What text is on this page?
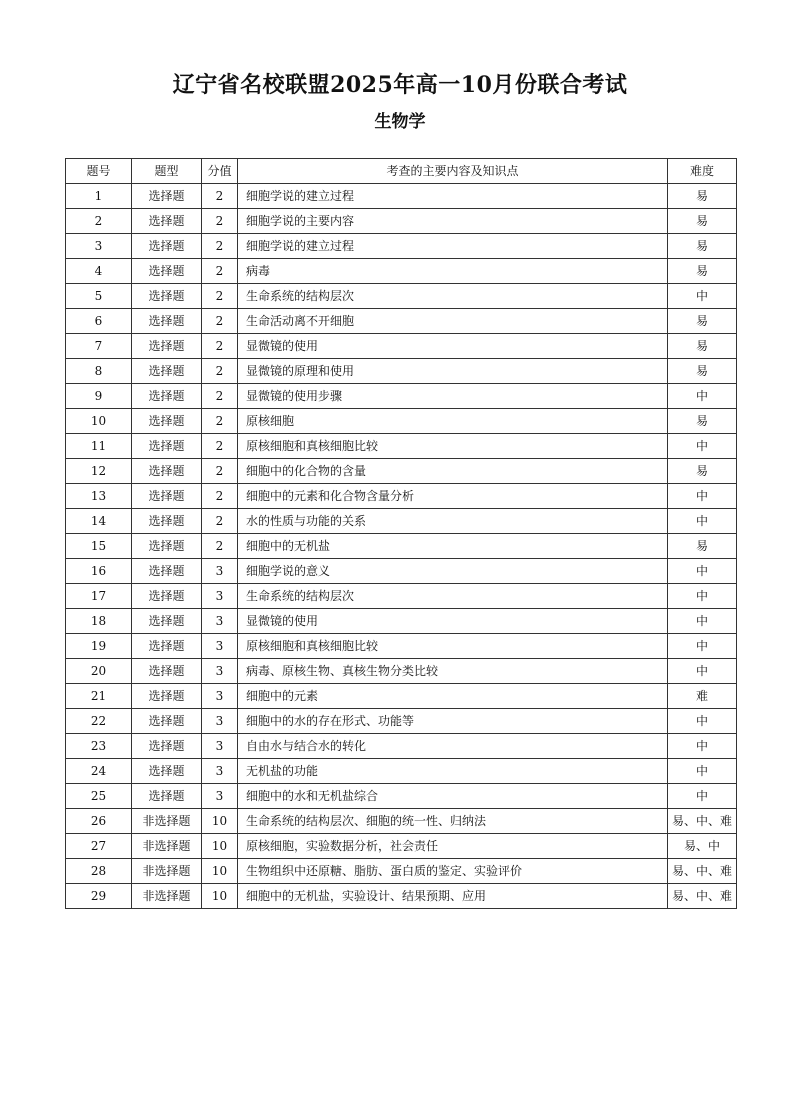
辽宁省名校联盟2025年高一10月份联合考试
生物学
题号	题型	分值	考查的主要内容及知识点	难度
1	选择题	2	细胞学说的建立过程	易
2	选择题	2	细胞学说的主要内容	易
3	选择题	2	细胞学说的建立过程	易
4	选择题	2	病毒	易
5	选择题	2	生命系统的结构层次	中
6	选择题	2	生命活动离不开细胞	易
7	选择题	2	显微镜的使用	易
8	选择题	2	显微镜的原理和使用	易
9	选择题	2	显微镜的使用步骤	中
10	选择题	2	原核细胞	易
11	选择题	2	原核细胞和真核细胞比较	中
12	选择题	2	细胞中的化合物的含量	易
13	选择题	2	细胞中的元素和化合物含量分析	中
14	选择题	2	水的性质与功能的关系	中
15	选择题	2	细胞中的无机盐	易
16	选择题	3	细胞学说的意义	中
17	选择题	3	生命系统的结构层次	中
18	选择题	3	显微镜的使用	中
19	选择题	3	原核细胞和真核细胞比较	中
20	选择题	3	病毒、原核生物、真核生物分类比较	中
21	选择题	3	细胞中的元素	难
22	选择题	3	细胞中的水的存在形式、功能等	中
23	选择题	3	自由水与结合水的转化	中
24	选择题	3	无机盐的功能	中
25	选择题	3	细胞中的水和无机盐综合	中
26	非选择题	10	生命系统的结构层次、细胞的统一性、归纳法	易、中、难
27	非选择题	10	原核细胞，实验数据分析，社会责任	易、中
28	非选择题	10	生物组织中还原糖、脂肪、蛋白质的鉴定、实验评价	易、中、难
29	非选择题	10	细胞中的无机盐，实验设计、结果预期、应用	易、中、难
